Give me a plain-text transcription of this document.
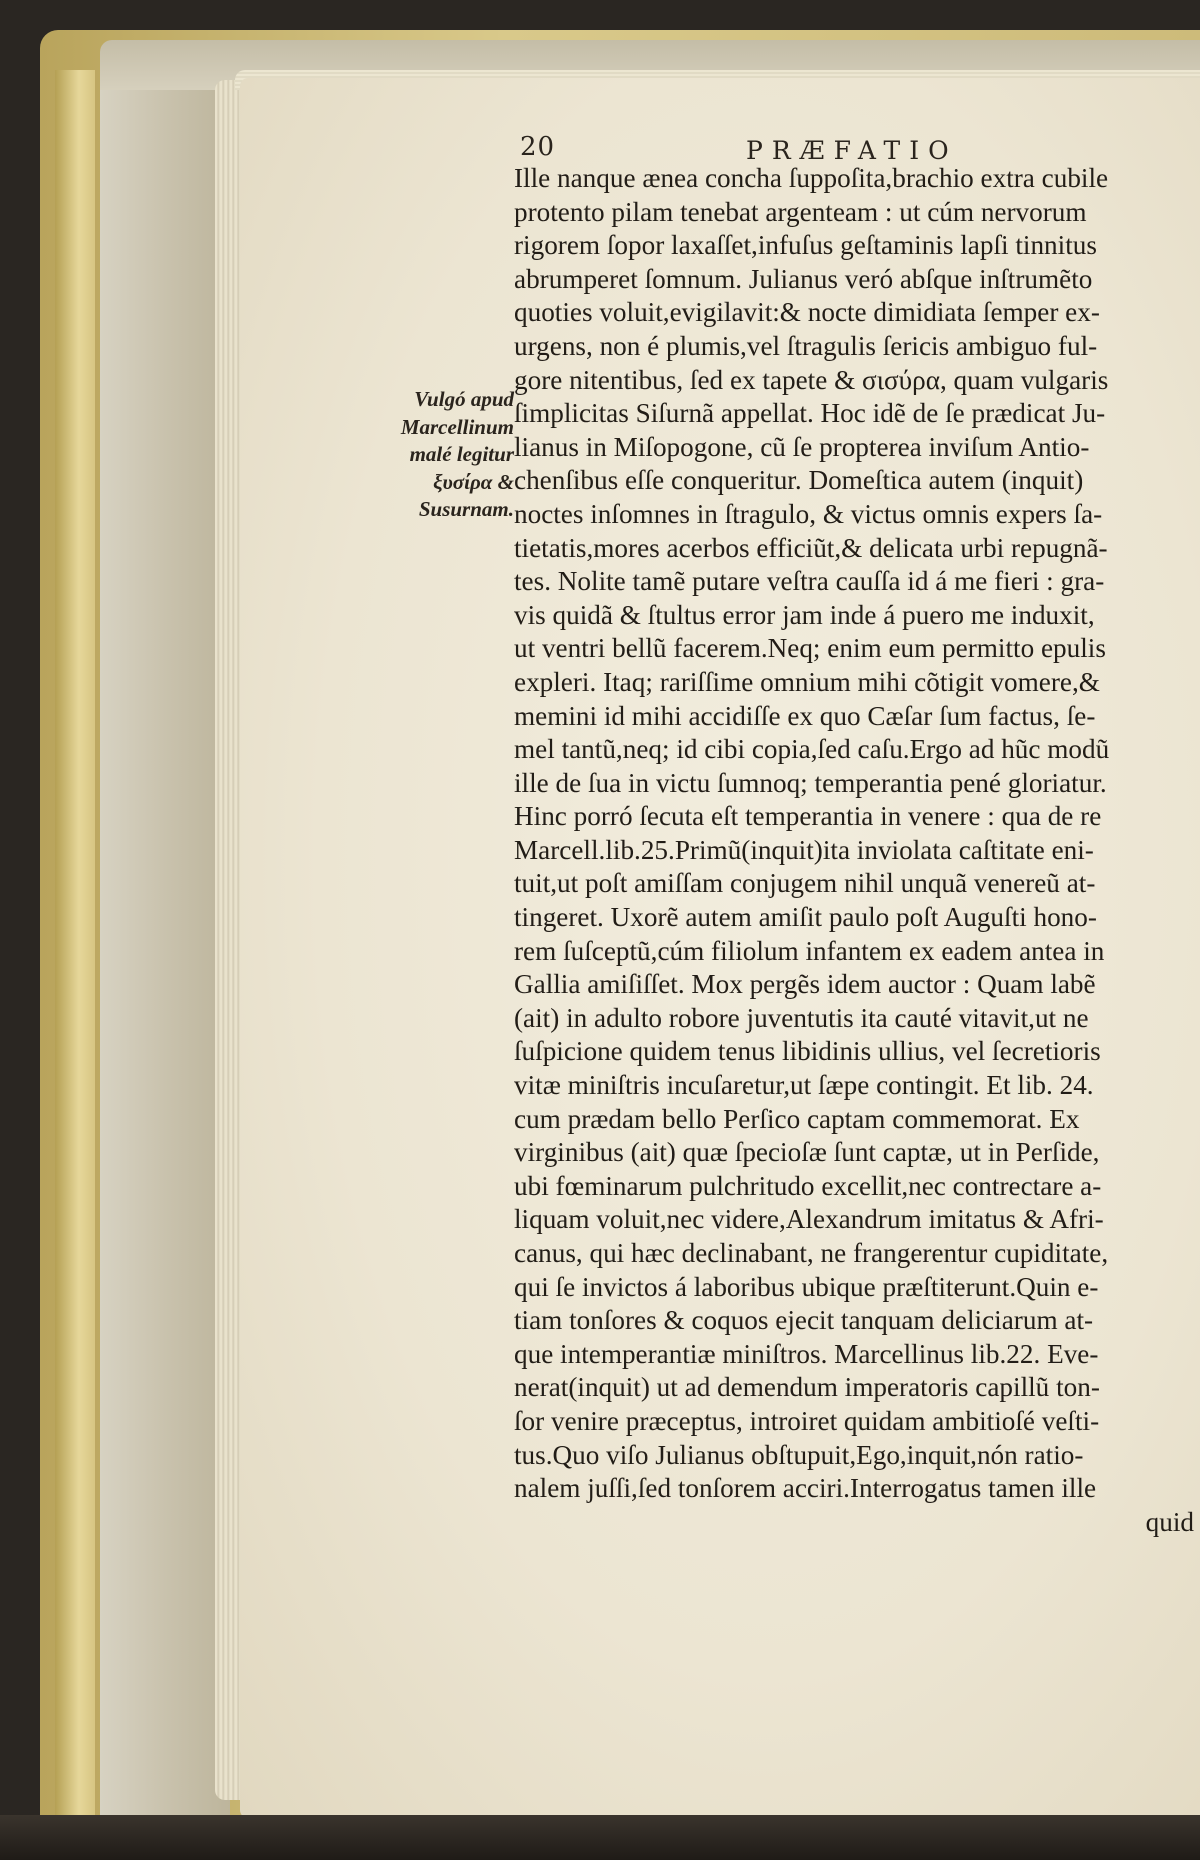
20	PRÆFATIO
Vulgó apud
Marcellinum
malé legitur
ξυσίρα &
Susurnam.
Ille nanque ænea concha ſuppoſita,brachio extra cubile
protento pilam tenebat argenteam : ut cúm nervorum
rigorem ſopor laxaſſet,infuſus geſtaminis lapſi tinnitus
abrumperet ſomnum. Julianus veró abſque inſtrumẽto
quoties voluit,evigilavit:& nocte dimidiata ſemper ex-
urgens, non é plumis,vel ſtragulis ſericis ambiguo ful-
gore nitentibus, ſed ex tapete & σισύρα, quam vulgaris
ſimplicitas Siſurnã appellat. Hoc idẽ de ſe prædicat Ju-
lianus in Miſopogone, cũ ſe propterea inviſum Antio-
chenſibus eſſe conqueritur. Domeſtica autem (inquit)
noctes inſomnes in ſtragulo, & victus omnis expers ſa-
tietatis,mores acerbos efficiũt,& delicata urbi repugnã-
tes. Nolite tamẽ putare veſtra cauſſa id á me fieri : gra-
vis quidã & ſtultus error jam inde á puero me induxit,
ut ventri bellũ facerem.Neq; enim eum permitto epulis
expleri. Itaq; rariſſime omnium mihi cõtigit vomere,&
memini id mihi accidiſſe ex quo Cæſar ſum factus, ſe-
mel tantũ,neq; id cibi copia,ſed caſu.Ergo ad hũc modũ
ille de ſua in victu ſumnoq; temperantia pené gloriatur.
Hinc porró ſecuta eſt temperantia in venere : qua de re
Marcell.lib.25.Primũ(inquit)ita inviolata caſtitate eni-
tuit,ut poſt amiſſam conjugem nihil unquã venereũ at-
tingeret. Uxorẽ autem amiſit paulo poſt Auguſti hono-
rem ſuſceptũ,cúm filiolum infantem ex eadem antea in
Gallia amiſiſſet. Mox pergẽs idem auctor : Quam labẽ
(ait) in adulto robore juventutis ita cauté vitavit,ut ne
ſuſpicione quidem tenus libidinis ullius, vel ſecretioris
vitæ miniſtris incuſaretur,ut ſæpe contingit. Et lib. 24.
cum prædam bello Perſico captam commemorat. Ex
virginibus (ait) quæ ſpecioſæ ſunt captæ, ut in Perſide,
ubi fœminarum pulchritudo excellit,nec contrectare a-
liquam voluit,nec videre,Alexandrum imitatus & Afri-
canus, qui hæc declinabant, ne frangerentur cupiditate,
qui ſe invictos á laboribus ubique præſtiterunt.Quin e-
tiam tonſores & coquos ejecit tanquam deliciarum at-
que intemperantiæ miniſtros. Marcellinus lib.22. Eve-
nerat(inquit) ut ad demendum imperatoris capillũ ton-
ſor venire præceptus, introiret quidam ambitioſé veſti-
tus.Quo viſo Julianus obſtupuit,Ego,inquit,nón ratio-
nalem juſſi,ſed tonſorem acciri.Interrogatus tamen ille
quid
